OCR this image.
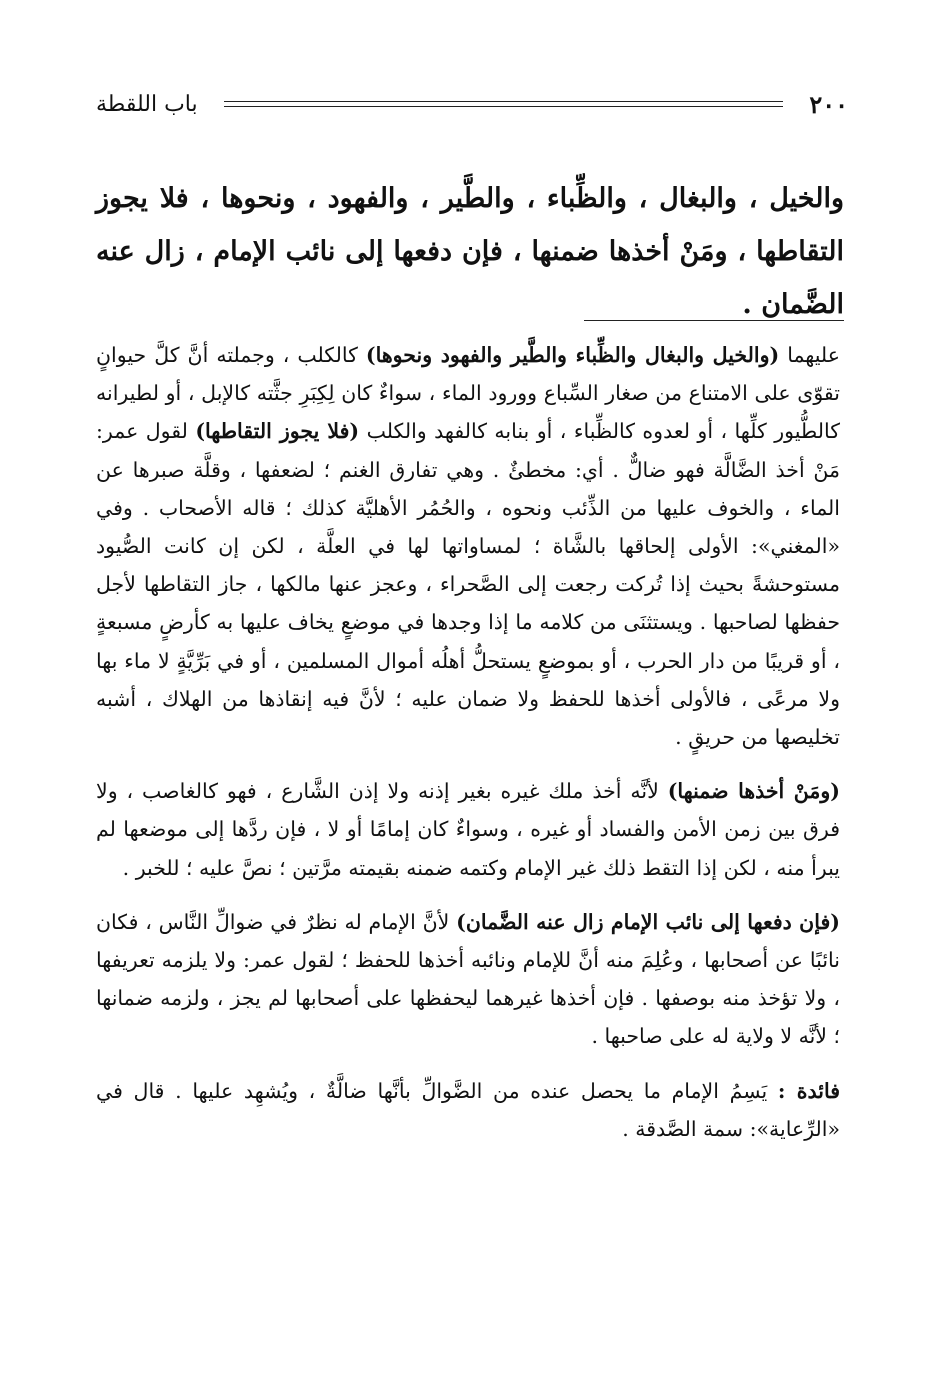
٢٠٠
باب اللقطة
والخيل ، والبغال ، والظِّباء ، والطَّير ، والفهود ، ونحوها ، فلا يجوز التقاطها ، ومَنْ أخذها ضمنها ، فإن دفعها إلى نائب الإمام ، زال عنه الضَّمان .

عليهما (والخيل والبغال والظِّباء والطَّير والفهود ونحوها) كالكلب ، وجملته أنَّ كلَّ حيوانٍ تقوّى على الامتناع من صغار السِّباع وورود الماء ، سواءٌ كان لِكِبَرِ جثَّته كالإبل ، أو لطيرانه كالطُّيور كلِّها ، أو لعدوه كالظِّباء ، أو بنابه كالفهد والكلب (فلا يجوز التقاطها) لقول عمر: مَنْ أخذ الضَّالَّة فهو ضالٌّ . أي: مخطئٌ . وهي تفارق الغنم ؛ لضعفها ، وقلَّة صبرها عن الماء ، والخوف عليها من الذِّئب ونحوه ، والحُمُر الأهليَّة كذلك ؛ قاله الأصحاب . وفي «المغني»: الأولى إلحاقها بالشَّاة ؛ لمساواتها لها في العلَّة ، لكن إن كانت الصُّيود مستوحشةً بحيث إذا تُركت رجعت إلى الصَّحراء ، وعجز عنها مالكها ، جاز التقاطها لأجل حفظها لصاحبها . ويستثنَى من كلامه ما إذا وجدها في موضعٍ يخاف عليها به كأرضٍ مسبعةٍ ، أو قريبًا من دار الحرب ، أو بموضعٍ يستحلُّ أهلُه أموال المسلمين ، أو في بَرِّيَّةٍ لا ماء بها ولا مرعًى ، فالأولى أخذها للحفظ ولا ضمان عليه ؛ لأنَّ فيه إنقاذها من الهلاك ، أشبه تخليصها من حريقٍ .

(ومَنْ أخذها ضمنها) لأنَّه أخذ ملك غيره بغير إذنه ولا إذن الشَّارع ، فهو كالغاصب ، ولا فرق بين زمن الأمن والفساد أو غيره ، وسواءٌ كان إمامًا أو لا ، فإن ردَّها إلى موضعها لم يبرأ منه ، لكن إذا التقط ذلك غير الإمام وكتمه ضمنه بقيمته مرَّتين ؛ نصَّ عليه ؛ للخبر .

(فإن دفعها إلى نائب الإمام زال عنه الضَّمان) لأنَّ الإمام له نظرٌ في ضوالِّ النَّاس ، فكان نائبًا عن أصحابها ، وعُلِمَ منه أنَّ للإمام ونائبه أخذها للحفظ ؛ لقول عمر: ولا يلزمه تعريفها ، ولا تؤخذ منه بوصفها . فإن أخذها غيرهما ليحفظها على أصحابها لم يجز ، ولزمه ضمانها ؛ لأنَّه لا ولاية له على صاحبها .

فائدة : يَسِمُ الإمام ما يحصل عنده من الضَّوالِّ بأنَّها ضالَّةٌ ، ويُشهِد عليها . قال في «الرِّعاية»: سمة الصَّدقة .
